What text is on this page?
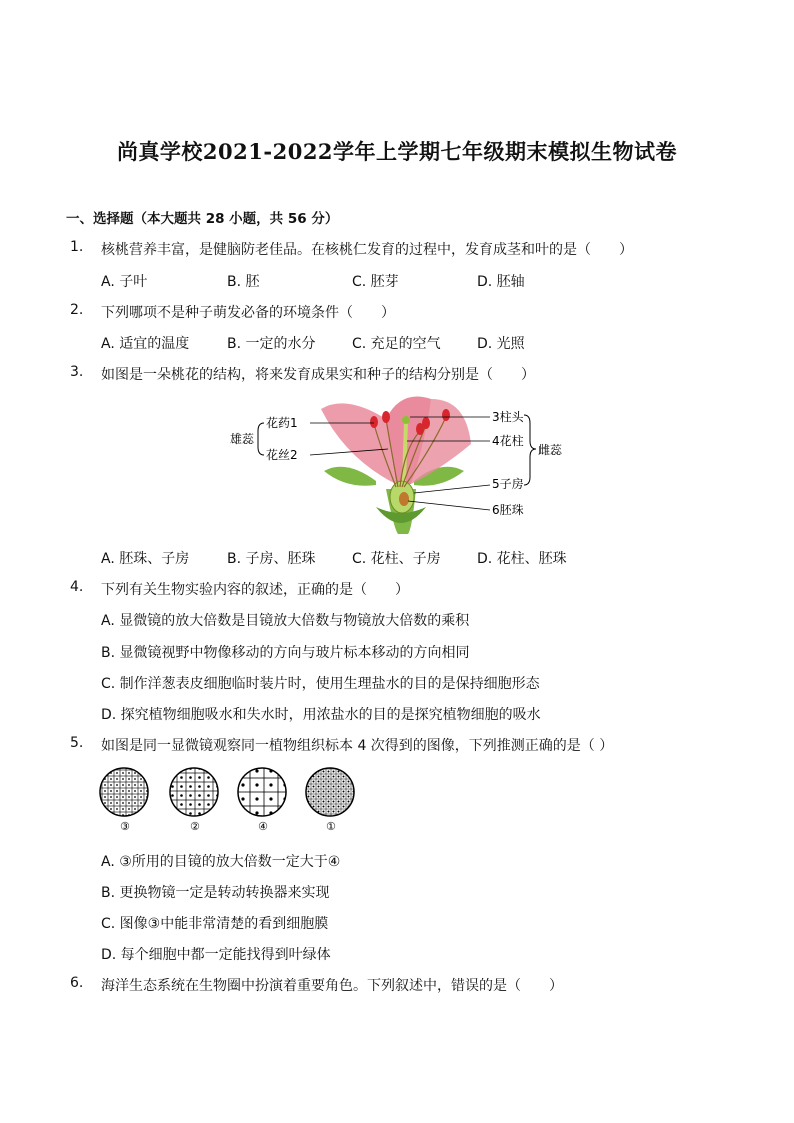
尚真学校2021-2022学年上学期七年级期末模拟生物试卷
一、选择题（本大题共 28 小题，共 56 分）
1. 核桃营养丰富，是健脑防老佳品。在核桃仁发育的过程中，发育成茎和叶的是（　　）
A. 子叶	B. 胚	C. 胚芽	D. 胚轴
2. 下列哪项不是种子萌发必备的环境条件（　　）
A. 适宜的温度	B. 一定的水分	C. 充足的空气	D. 光照
3. 如图是一朵桃花的结构，将来发育成果实和种子的结构分别是（　　）
雄蕊
花药1
花丝2
3柱头
4花柱
5子房
6胚珠
雌蕊
A. 胚珠、子房	B. 子房、胚珠	C. 花柱、子房	D. 花柱、胚珠
4. 下列有关生物实验内容的叙述，正确的是（　　）
A. 显微镜的放大倍数是目镜放大倍数与物镜放大倍数的乘积
B. 显微镜视野中物像移动的方向与玻片标本移动的方向相同
C. 制作洋葱表皮细胞临时装片时，使用生理盐水的目的是保持细胞形态
D. 探究植物细胞吸水和失水时，用浓盐水的目的是探究植物细胞的吸水
5. 如图是同一显微镜观察同一植物组织标本 4 次得到的图像，下列推测正确的是（ ）
③	②	④	①
A. ③所用的目镜的放大倍数一定大于④
B. 更换物镜一定是转动转换器来实现
C. 图像③中能非常清楚的看到细胞膜
D. 每个细胞中都一定能找得到叶绿体
6. 海洋生态系统在生物圈中扮演着重要角色。下列叙述中，错误的是（　　）
